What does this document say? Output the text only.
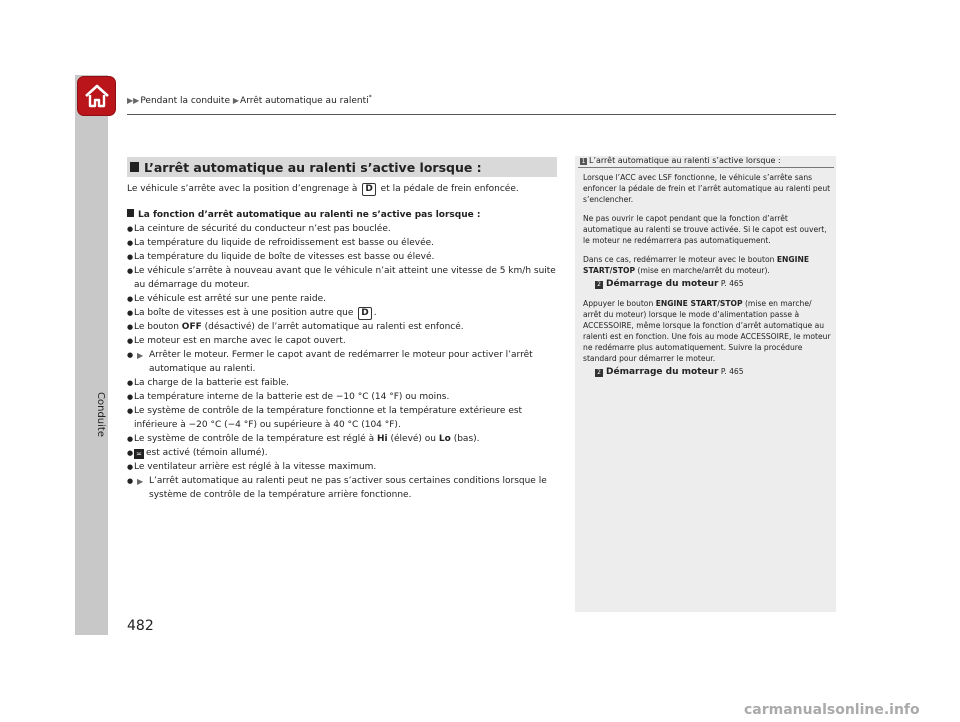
Conduite
▶▶Pendant la conduite ▶Arrêt automatique au ralenti*
L’arrêt automatique au ralenti s’active lorsque :

Le véhicule s’arrête avec la position d’engrenage à D et la pédale de frein enfoncée.

La fonction d’arrêt automatique au ralenti ne s’active pas lorsque :

● La ceinture de sécurité du conducteur n’est pas bouclée.
● La température du liquide de refroidissement est basse ou élevée.
● La température du liquide de boîte de vitesses est basse ou élevé.
● Le véhicule s’arrête à nouveau avant que le véhicule n’ait atteint une vitesse de 5 km/h suite au démarrage du moteur.
● Le véhicule est arrêté sur une pente raide.
● La boîte de vitesses est à une position autre que D .
● Le bouton OFF (désactivé) de l’arrêt automatique au ralenti est enfoncé.
● Le moteur est en marche avec le capot ouvert.
● ▶ Arrêter le moteur. Fermer le capot avant de redémarrer le moteur pour activer l’arrêt automatique au ralenti.
● La charge de la batterie est faible.
● La température interne de la batterie est de −10 °C (14 °F) ou moins.
● Le système de contrôle de la température fonctionne et la température extérieure est inférieure à −20 °C (−4 °F) ou supérieure à 40 °C (104 °F).
● Le système de contrôle de la température est réglé à Hi (élevé) ou Lo (bas).
● ≍ est activé (témoin allumé).
● Le ventilateur arrière est réglé à la vitesse maximum.
● ▶ L’arrêt automatique au ralenti peut ne pas s’activer sous certaines conditions lorsque le système de contrôle de la température arrière fonctionne.
1 L’arrêt automatique au ralenti s’active lorsque :

Lorsque l’ACC avec LSF fonctionne, le véhicule s’arrête sans enfoncer la pédale de frein et l’arrêt automatique au ralenti peut s’enclencher.

Ne pas ouvrir le capot pendant que la fonction d’arrêt automatique au ralenti se trouve activée. Si le capot est ouvert, le moteur ne redémarrera pas automatiquement.

Dans ce cas, redémarrer le moteur avec le bouton ENGINE START/STOP (mise en marche/arrêt du moteur).

2 Démarrage du moteur P. 465

Appuyer le bouton ENGINE START/STOP (mise en marche/ arrêt du moteur) lorsque le mode d’alimentation passe à ACCESSOIRE, même lorsque la fonction d’arrêt automatique au ralenti est en fonction. Une fois au mode ACCESSOIRE, le moteur ne redémarre plus automatiquement. Suivre la procédure standard pour démarrer le moteur.

2 Démarrage du moteur P. 465

482
carmanualsonline.info
